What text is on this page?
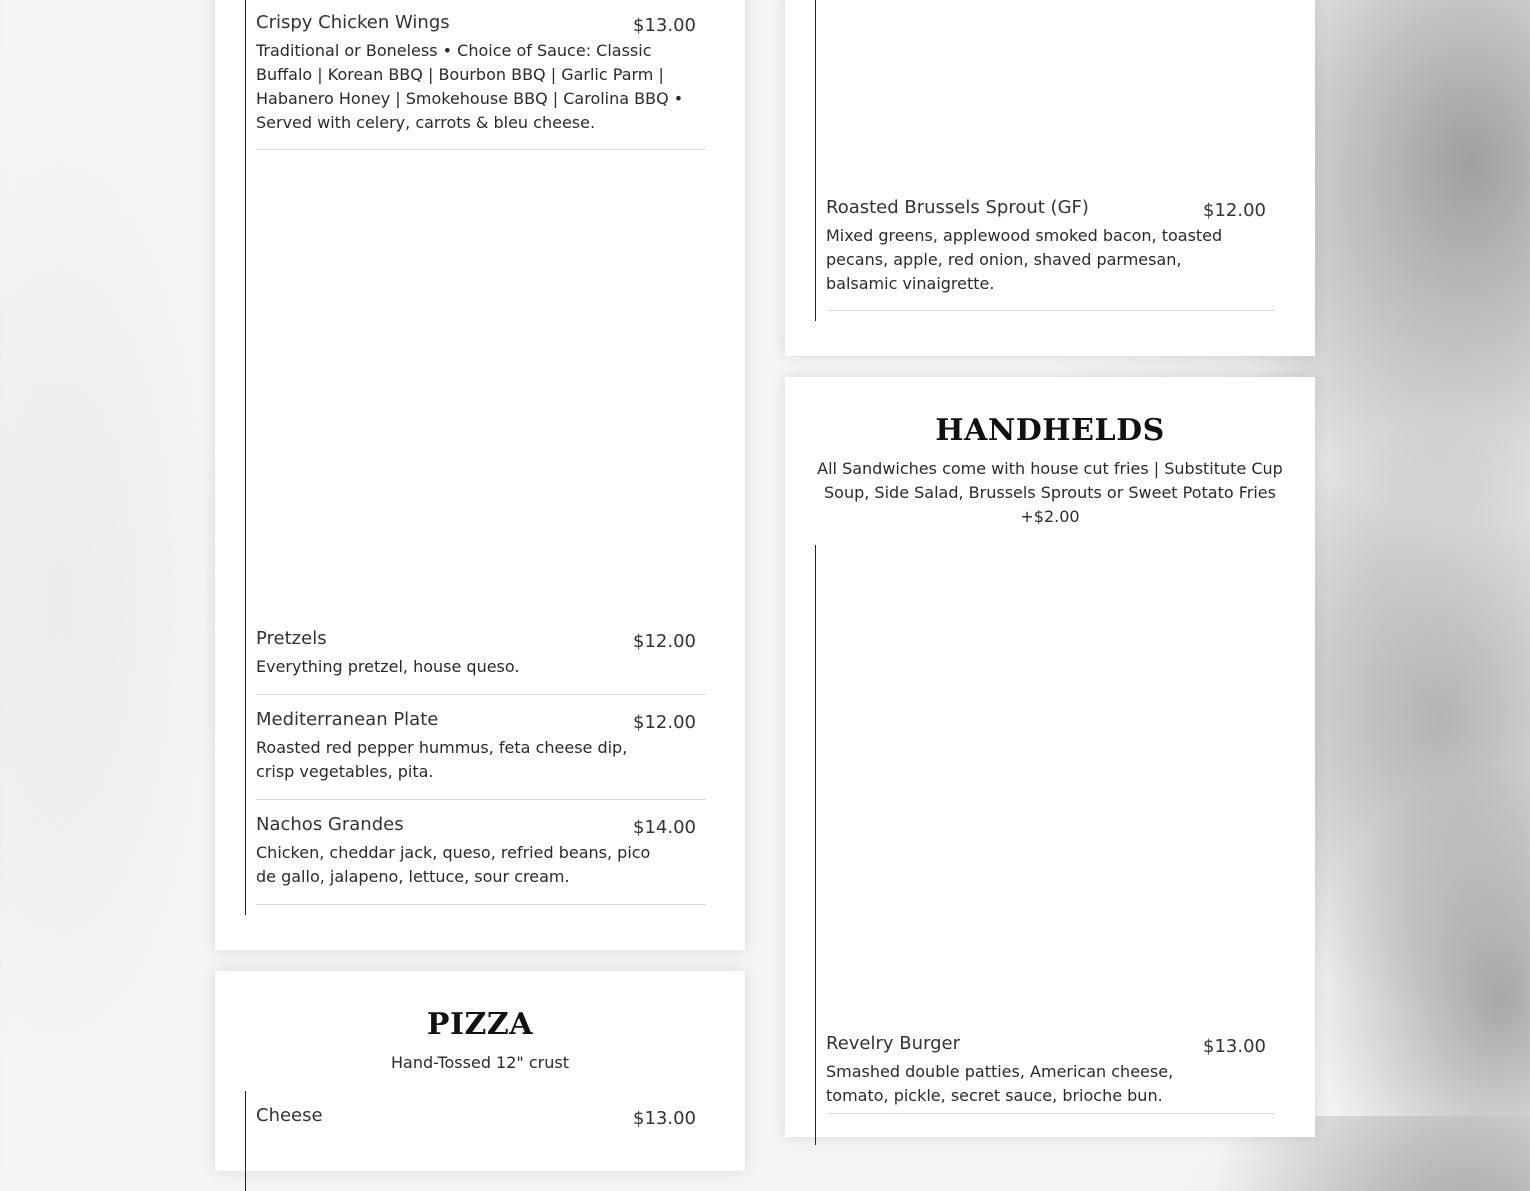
Crispy Chicken Wings	$13.00
Traditional or Boneless • Choice of Sauce: Classic Buffalo | Korean BBQ | Bourbon BBQ | Garlic Parm | Habanero Honey | Smokehouse BBQ | Carolina BBQ • Served with celery, carrots & bleu cheese.
Pretzels	$12.00
Everything pretzel, house queso.
Mediterranean Plate	$12.00
Roasted red pepper hummus, feta cheese dip, crisp vegetables, pita.
Nachos Grandes	$14.00
Chicken, cheddar jack, queso, refried beans, pico de gallo, jalapeno, lettuce, sour cream.
Roasted Brussels Sprout (GF)	$12.00
Mixed greens, applewood smoked bacon, toasted pecans, apple, red onion, shaved parmesan, balsamic vinaigrette.
HANDHELDS
All Sandwiches come with house cut fries | Substitute Cup Soup, Side Salad, Brussels Sprouts or Sweet Potato Fries +$2.00
Revelry Burger	$13.00
Smashed double patties, American cheese, tomato, pickle, secret sauce, brioche bun.
PIZZA
Hand-Tossed 12" crust
Cheese	$13.00
